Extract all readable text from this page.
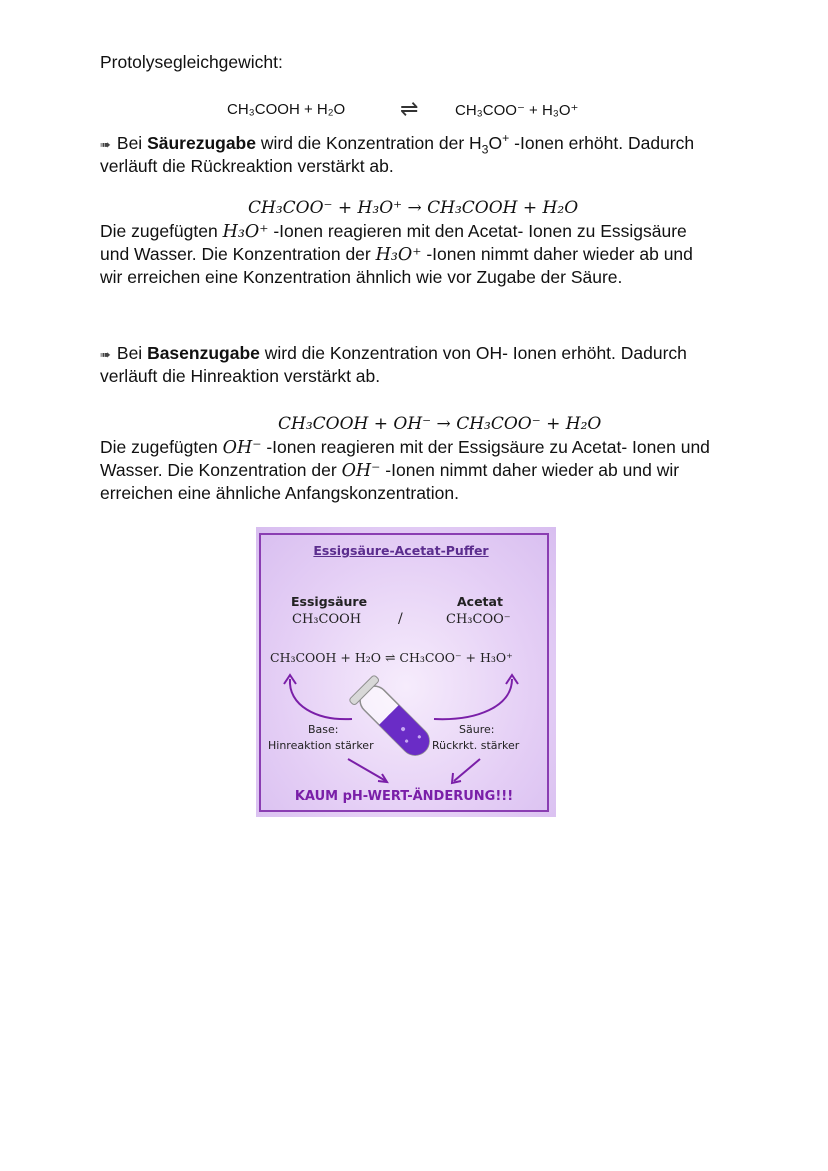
Protolysegleichgewicht:
CH₃COOH + H₂O ⇌ CH₃COO⁻ + H₃O⁺
➠ Bei Säurezugabe wird die Konzentration der $H_3O^+$ -Ionen erhöht. Dadurch
verläuft die Rückreaktion verstärkt ab.
CH₃COO⁻ + H₃O⁺ → CH₃COOH + H₂O
Die zugefügten H₃O⁺ -Ionen reagieren mit den Acetat- Ionen zu Essigsäure
und Wasser. Die Konzentration der H₃O⁺ -Ionen nimmt daher wieder ab und
wir erreichen eine Konzentration ähnlich wie vor Zugabe der Säure.
➠ Bei Basenzugabe wird die Konzentration von OH- Ionen erhöht. Dadurch
verläuft die Hinreaktion verstärkt ab.
CH₃COOH + OH⁻ → CH₃COO⁻ + H₂O
Die zugefügten OH⁻ -Ionen reagieren mit der Essigsäure zu Acetat- Ionen und
Wasser. Die Konzentration der OH⁻ -Ionen nimmt daher wieder ab und wir
erreichen eine ähnliche Anfangskonzentration.
Essigsäure-Acetat-Puffer
Essigsäure
CH₃COOH	/
Acetat
CH₃COO⁻
CH₃COOH + H₂O ⇌ CH₃COO⁻ + H₃O⁺
Base:
Hinreaktion stärker
Säure:
Rückrkt. stärker
KAUM pH-WERT-ÄNDERUNG!!!
